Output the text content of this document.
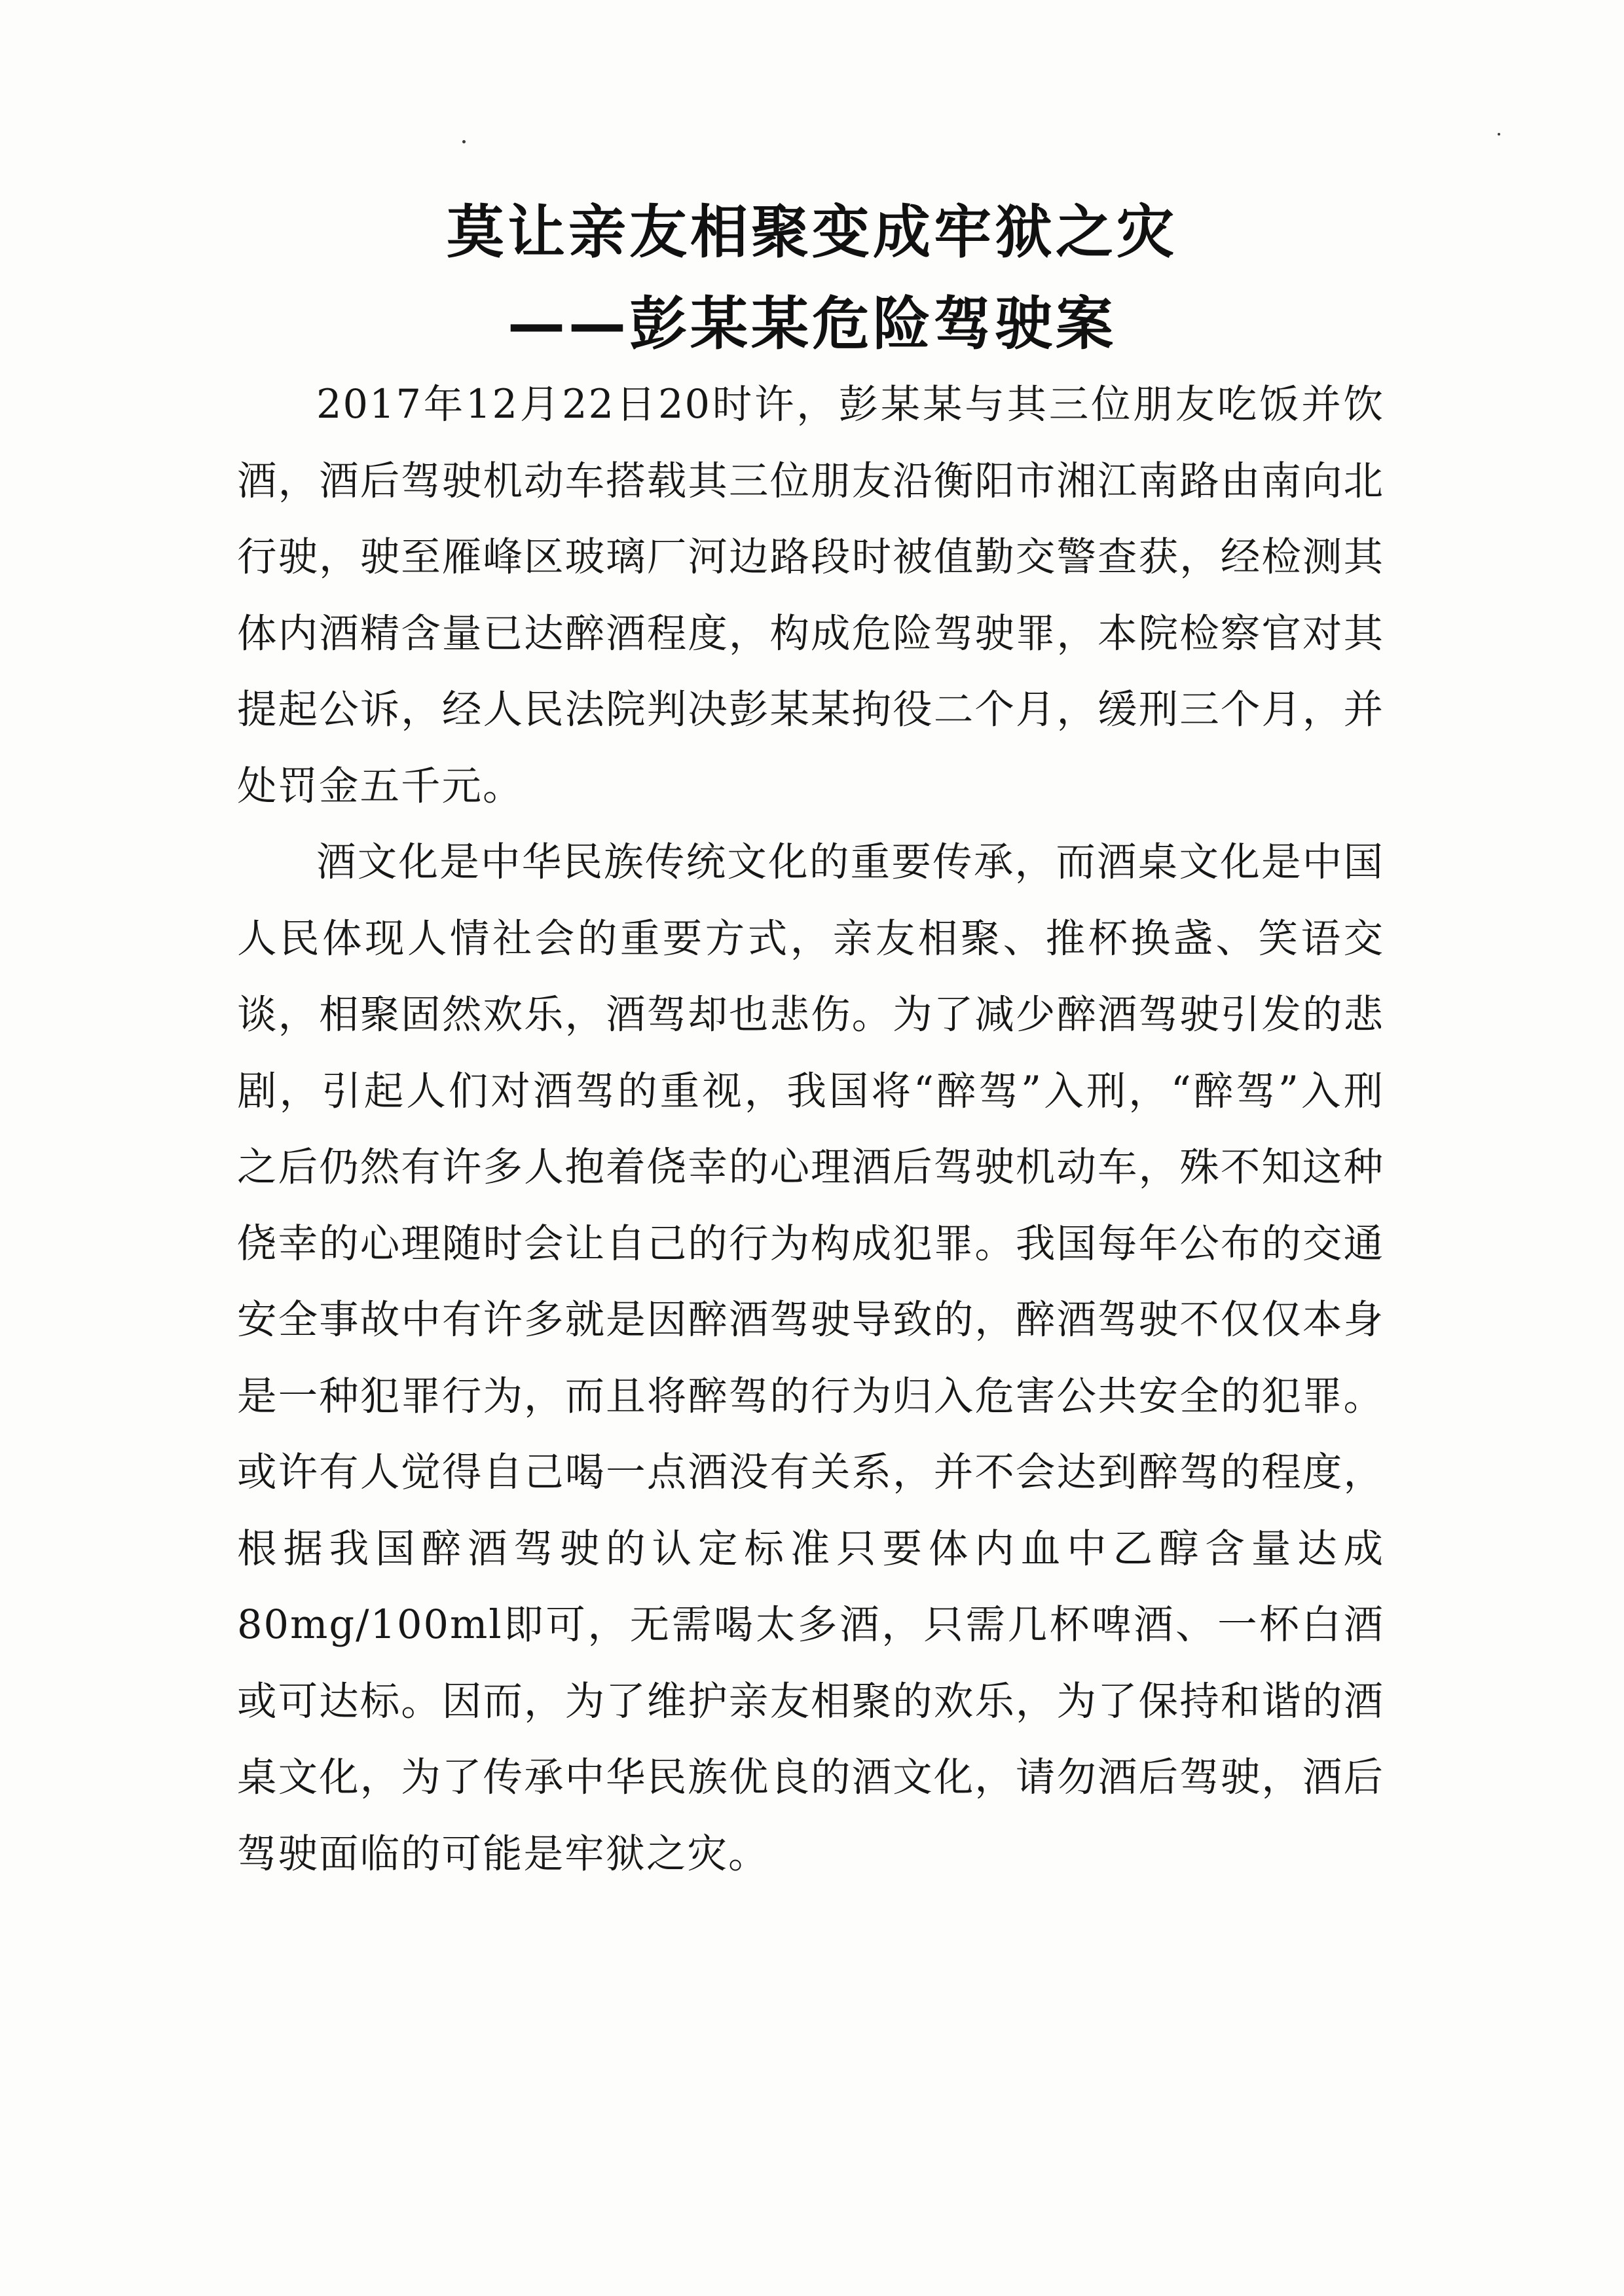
莫让亲友相聚变成牢狱之灾
——彭某某危险驾驶案

2017年12月22日20时许，彭某某与其三位朋友吃饭并饮酒，酒后驾驶机动车搭载其三位朋友沿衡阳市湘江南路由南向北行驶，驶至雁峰区玻璃厂河边路段时被值勤交警查获，经检测其体内酒精含量已达醉酒程度，构成危险驾驶罪，本院检察官对其提起公诉，经人民法院判决彭某某拘役二个月，缓刑三个月，并处罚金五千元。

酒文化是中华民族传统文化的重要传承，而酒桌文化是中国人民体现人情社会的重要方式，亲友相聚、推杯换盏、笑语交谈，相聚固然欢乐，酒驾却也悲伤。为了减少醉酒驾驶引发的悲剧，引起人们对酒驾的重视，我国将“醉驾”入刑，“醉驾”入刑之后仍然有许多人抱着侥幸的心理酒后驾驶机动车，殊不知这种侥幸的心理随时会让自己的行为构成犯罪。我国每年公布的交通安全事故中有许多就是因醉酒驾驶导致的，醉酒驾驶不仅仅本身是一种犯罪行为，而且将醉驾的行为归入危害公共安全的犯罪。或许有人觉得自己喝一点酒没有关系，并不会达到醉驾的程度，根据我国醉酒驾驶的认定标准只要体内血中乙醇含量达成80mg/100ml即可，无需喝太多酒，只需几杯啤酒、一杯白酒或可达标。因而，为了维护亲友相聚的欢乐，为了保持和谐的酒桌文化，为了传承中华民族优良的酒文化，请勿酒后驾驶，酒后驾驶面临的可能是牢狱之灾。
